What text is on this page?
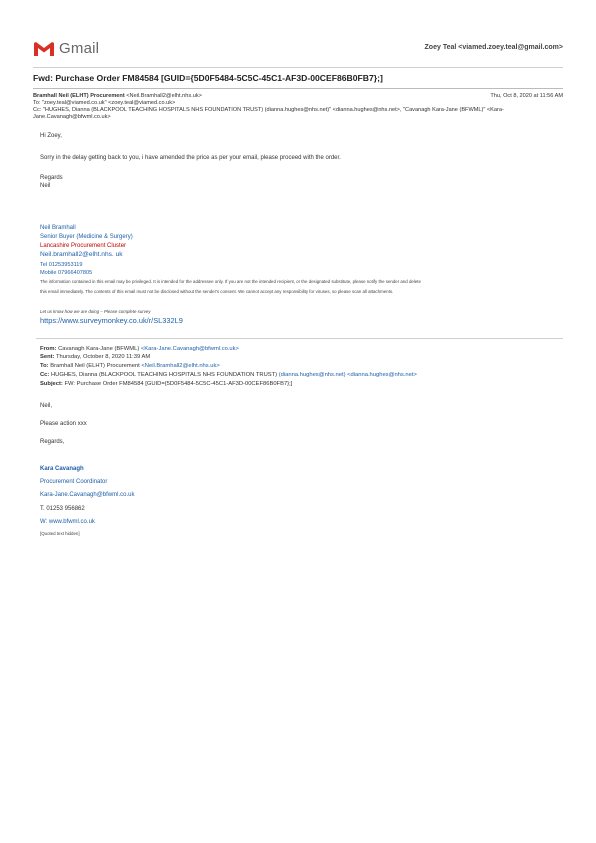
Gmail	Zoey Teal <viamed.zoey.teal@gmail.com>
Fwd: Purchase Order FM84584 [GUID={5D0F5484-5C5C-45C1-AF3D-00CEF86B0FB7};]
Bramhall Neil (ELHT) Procurement <Neil.Bramhall2@elht.nhs.uk>	Thu, Oct 8, 2020 at 11:56 AM
To: "zoey.teal@viamed.co.uk" <zoey.teal@viamed.co.uk>
Cc: "HUGHES, Dianna (BLACKPOOL TEACHING HOSPITALS NHS FOUNDATION TRUST) (dianna.hughes@nhs.net)" <dianna.hughes@nhs.net>, "Cavanagh Kara-Jane (BFWML)" <Kara-Jane.Cavanagh@bfwml.co.uk>
Hi Zoey,
Sorry in the delay getting back to you, i have amended the price as per your email, please proceed with the order.
Regards
Neil
Neil Bramhall
Senior Buyer (Medicine & Surgery)
Lancashire Procurement Cluster
Neil.bramhall2@elht.nhs. uk
Tel 01253953119
Mobile 07966407805
The information contained in this email may be privileged. It is intended for the addressee only. If you are not the intended recipient, or the designated substitute, please notify the sender and delete
this email immediately. The contents of this email must not be disclosed without the sender's consent. We cannot accept any responsibility for viruses, so please scan all attachments.
Let us know how we are doing – Please complete survey
https://www.surveymonkey.co.uk/r/SL332L9
From: Cavanagh Kara-Jane (BFWML) <Kara-Jane.Cavanagh@bfwml.co.uk>
Sent: Thursday, October 8, 2020 11:39 AM
To: Bramhall Neil (ELHT) Procurement <Neil.Bramhall2@elht.nhs.uk>
Cc: HUGHES, Dianna (BLACKPOOL TEACHING HOSPITALS NHS FOUNDATION TRUST) (dianna.hughes@nhs.net) <dianna.hughes@nhs.net>
Subject: FW: Purchase Order FM84584 [GUID={5D0F5484-5C5C-45C1-AF3D-00CEF86B0FB7};]
Neil,
Please action xxx
Regards,
Kara Cavanagh
Procurement Coordinator
Kara-Jane.Cavanagh@bfwml.co.uk
T. 01253 956862
W: www.bfwml.co.uk
[Quoted text hidden]
